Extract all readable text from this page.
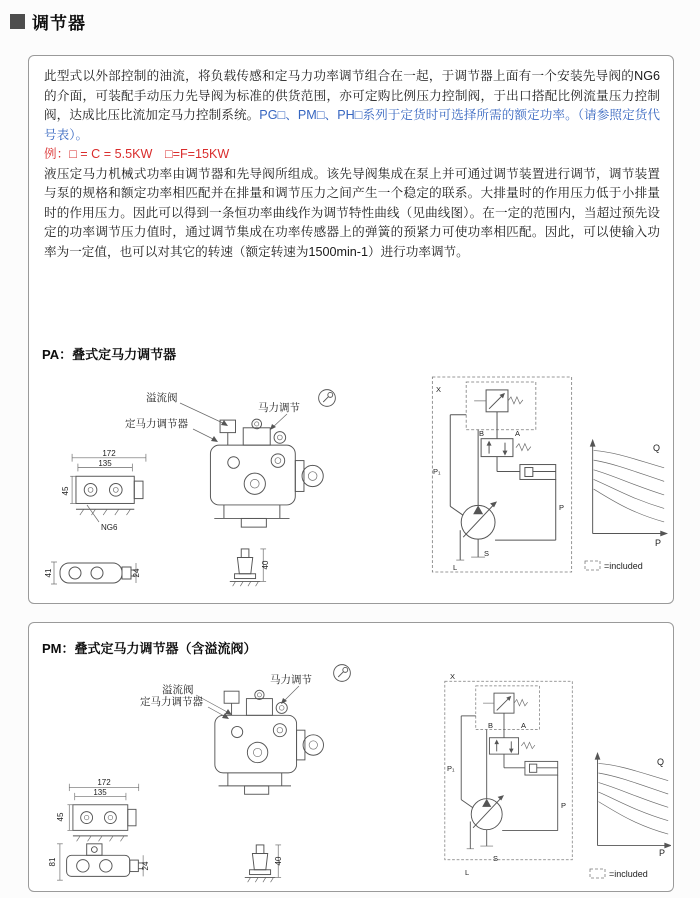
调节器

此型式以外部控制的油流，将负载传感和定马力功率调节组合在一起，于调节器上面有一个安装先导阀的NG6的介面，可装配手动压力先导阀为标准的供货范围，亦可定购比例压力控制阀，于出口搭配比例流量压力控制阀，达成比压比流加定马力控制系统。PG□、PM□、PH□系列于定货时可选择所需的额定功率。（请参照定货代号表）。

例：□ = C = 5.5KW　□=F=15KW

液压定马力机械式功率由调节器和先导阀所组成。该先导阀集成在泵上并可通过调节装置进行调节，调节装置与泵的规格和额定功率相匹配并在排量和调节压力之间产生一个稳定的联系。大排量时的作用压力低于小排量时的作用压力。因此可以得到一条恒功率曲线作为调节特性曲线（见曲线图）。在一定的范围内，当超过预先设定的功率调节压力值时，通过调节集成在功率传感器上的弹簧的预紧力可使功率相匹配。因此，可以使输入功率为一定值，也可以对其它的转速（额定转速为1500min-1）进行功率调节。

PA：叠式定马力调节器
溢流阀
马力调节
定马力调节器
172
135
45
NG6
41	24
40
X
P₁
B	A
L
S
P
Q
P
=included
PM：叠式定马力调节器（含溢流阀）
溢流阀
马力调节
定马力调节器
172
135
45
81	24
40
X
P₁
B	A
L
S
P
Q
P
=included
